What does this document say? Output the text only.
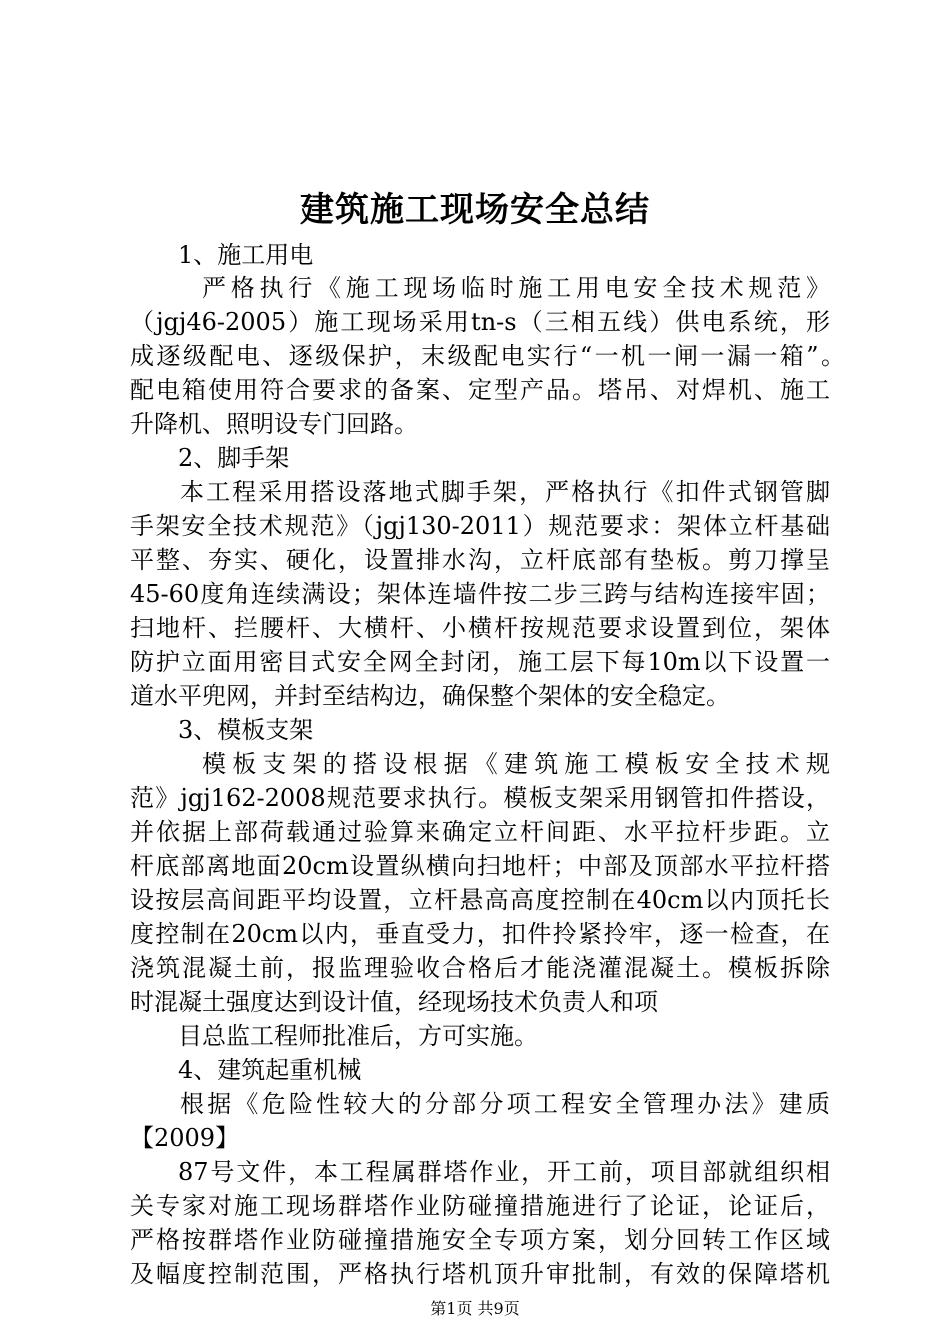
建筑施工现场安全总结
1、施工用电
严格执行《施工现场临时施工用电安全技术规范》
（jgj46-2005）施工现场采用tn-s（三相五线）供电系统，形
成逐级配电、逐级保护，末级配电实行“一机一闸一漏一箱”。
配电箱使用符合要求的备案、定型产品。塔吊、对焊机、施工
升降机、照明设专门回路。
2、脚手架
本工程采用搭设落地式脚手架，严格执行《扣件式钢管脚
手架安全技术规范》（jgj130-2011）规范要求：架体立杆基础
平整、夯实、硬化，设置排水沟，立杆底部有垫板。剪刀撑呈
45-60度角连续满设；架体连墙件按二步三跨与结构连接牢固；
扫地杆、拦腰杆、大横杆、小横杆按规范要求设置到位，架体
防护立面用密目式安全网全封闭，施工层下每10m以下设置一
道水平兜网，并封至结构边，确保整个架体的安全稳定。
3、模板支架
模板支架的搭设根据《建筑施工模板安全技术规
范》jgj162-2008规范要求执行。模板支架采用钢管扣件搭设，
并依据上部荷载通过验算来确定立杆间距、水平拉杆步距。立
杆底部离地面20cm设置纵横向扫地杆；中部及顶部水平拉杆搭
设按层高间距平均设置，立杆悬高高度控制在40cm以内顶托长
度控制在20cm以内，垂直受力，扣件拎紧拎牢，逐一检查，在
浇筑混凝土前，报监理验收合格后才能浇灌混凝土。模板拆除
时混凝土强度达到设计值，经现场技术负责人和项
目总监工程师批准后，方可实施。
4、建筑起重机械
根据《危险性较大的分部分项工程安全管理办法》建质
【2009】
87号文件，本工程属群塔作业，开工前，项目部就组织相
关专家对施工现场群塔作业防碰撞措施进行了论证，论证后，
严格按群塔作业防碰撞措施安全专项方案，划分回转工作区域
及幅度控制范围，严格执行塔机顶升审批制，有效的保障塔机
第1页 共9页
